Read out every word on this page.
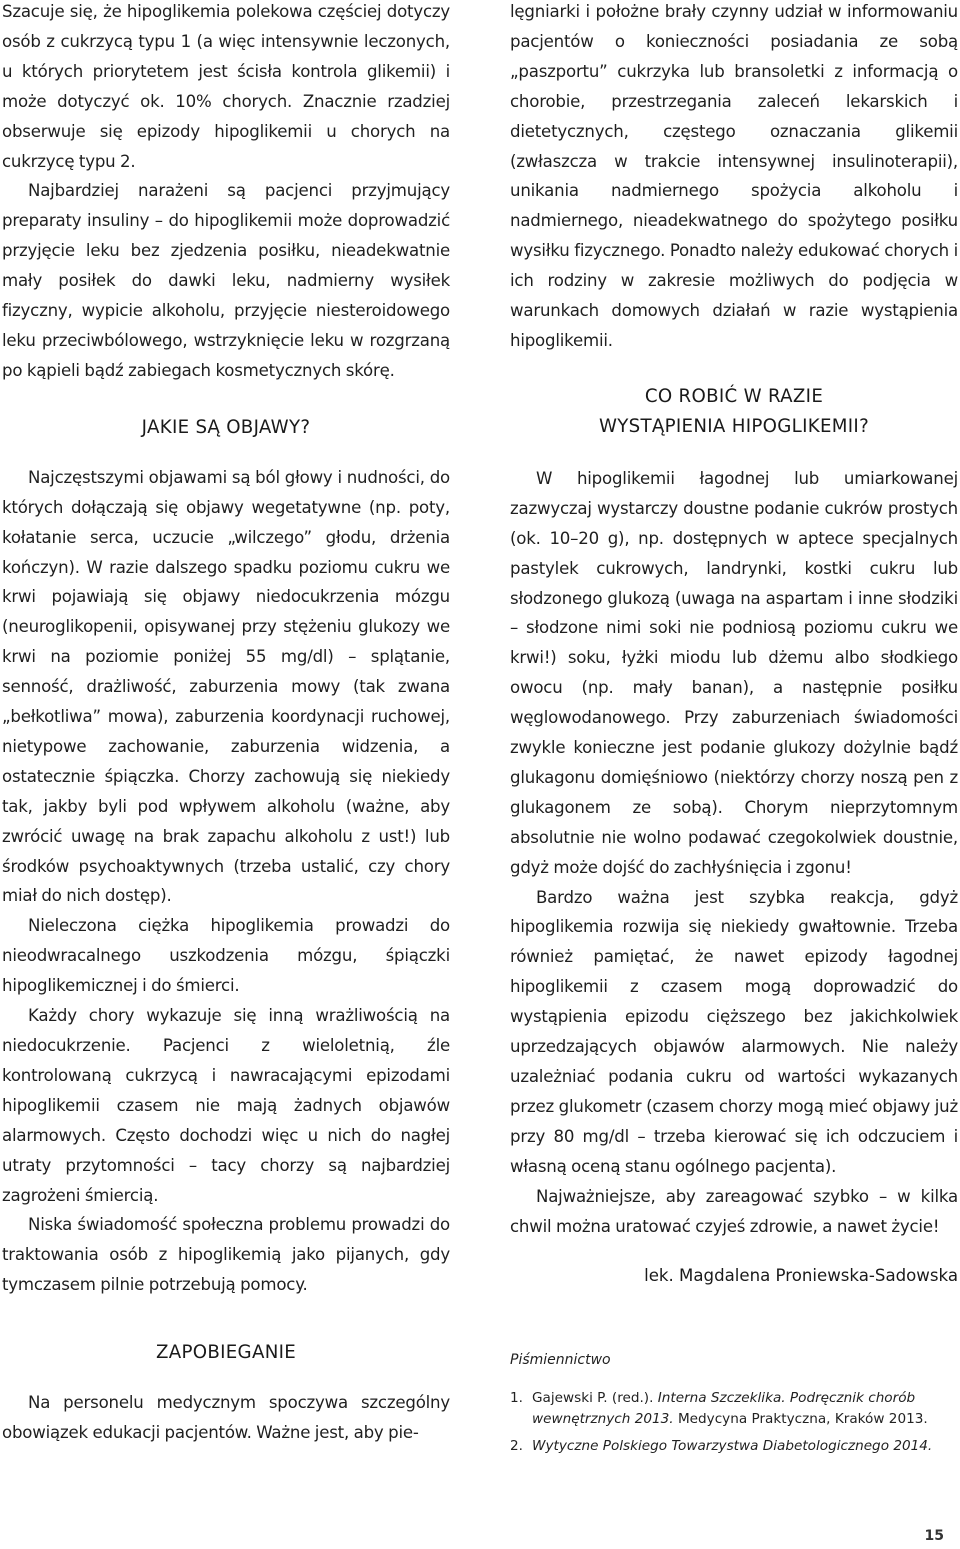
Szacuje się, że hipoglikemia polekowa częściej dotyczy osób z cukrzycą typu 1 (a więc intensywnie leczonych, u których priorytetem jest ścisła kontrola glikemii) i może dotyczyć ok. 10% chorych. Znacznie rzadziej obserwuje się epizody hipoglikemii u chorych na cukrzycę typu 2.

Najbardziej narażeni są pacjenci przyjmujący preparaty insuliny – do hipoglikemii może doprowadzić przyjęcie leku bez zjedzenia posiłku, nieadekwatnie mały posiłek do dawki leku, nadmierny wysiłek fizyczny, wypicie alkoholu, przyjęcie niesteroidowego leku przeciwbólowego, wstrzyknięcie leku w rozgrzaną po kąpieli bądź zabiegach kosmetycznych skórę.

JAKIE SĄ OBJAWY?

Najczęstszymi objawami są ból głowy i nudności, do których dołączają się objawy wegetatywne (np. poty, kołatanie serca, uczucie „wilczego” głodu, drżenia kończyn). W razie dalszego spadku poziomu cukru we krwi pojawiają się objawy niedocukrzenia mózgu (neuroglikopenii, opisywanej przy stężeniu glukozy we krwi na poziomie poniżej 55 mg/dl) – splątanie, senność, drażliwość, zaburzenia mowy (tak zwana „bełkotliwa” mowa), zaburzenia koordynacji ruchowej, nietypowe zachowanie, zaburzenia widzenia, a ostatecznie śpiączka. Chorzy zachowują się niekiedy tak, jakby byli pod wpływem alkoholu (ważne, aby zwrócić uwagę na brak zapachu alkoholu z ust!) lub środków psychoaktywnych (trzeba ustalić, czy chory miał do nich dostęp).

Nieleczona ciężka hipoglikemia prowadzi do nieodwracalnego uszkodzenia mózgu, śpiączki hipoglikemicznej i do śmierci.

Każdy chory wykazuje się inną wrażliwością na niedocukrzenie. Pacjenci z wieloletnią, źle kontrolowaną cukrzycą i nawracającymi epizodami hipoglikemii czasem nie mają żadnych objawów alarmowych. Często dochodzi więc u nich do nagłej utraty przytomności – tacy chorzy są najbardziej zagrożeni śmiercią.

Niska świadomość społeczna problemu prowadzi do traktowania osób z hipoglikemią jako pijanych, gdy tymczasem pilnie potrzebują pomocy.

ZAPOBIEGANIE

Na personelu medycznym spoczywa szczególny obowiązek edukacji pacjentów. Ważne jest, aby pie-

lęgniarki i położne brały czynny udział w informowaniu pacjentów o konieczności posiadania ze sobą „paszportu” cukrzyka lub bransoletki z informacją o chorobie, przestrzegania zaleceń lekarskich i dietetycznych, częstego oznaczania glikemii (zwłaszcza w trakcie intensywnej insulinoterapii), unikania nadmiernego spożycia alkoholu i nadmiernego, nieadekwatnego do spożytego posiłku wysiłku fizycznego. Ponadto należy edukować chorych i ich rodziny w zakresie możliwych do podjęcia w warunkach domowych działań w razie wystąpienia hipoglikemii.

CO ROBIĆ W RAZIE

WYSTĄPIENIA HIPOGLIKEMII?

W hipoglikemii łagodnej lub umiarkowanej zazwyczaj wystarczy doustne podanie cukrów prostych (ok. 10–20 g), np. dostępnych w aptece specjalnych pastylek cukrowych, landrynki, kostki cukru lub słodzonego glukozą (uwaga na aspartam i inne słodziki – słodzone nimi soki nie podniosą poziomu cukru we krwi!) soku, łyżki miodu lub dżemu albo słodkiego owocu (np. mały banan), a następnie posiłku węglowodanowego. Przy zaburzeniach świadomości zwykle konieczne jest podanie glukozy dożylnie bądź glukagonu domięśniowo (niektórzy chorzy noszą pen z glukagonem ze sobą). Chorym nieprzytomnym absolutnie nie wolno podawać czegokolwiek doustnie, gdyż może dojść do zachłyśnięcia i zgonu!

Bardzo ważna jest szybka reakcja, gdyż hipoglikemia rozwija się niekiedy gwałtownie. Trzeba również pamiętać, że nawet epizody łagodnej hipoglikemii z czasem mogą doprowadzić do wystąpienia epizodu cięższego bez jakichkolwiek uprzedzających objawów alarmowych. Nie należy uzależniać podania cukru od wartości wykazanych przez glukometr (czasem chorzy mogą mieć objawy już przy 80 mg/dl – trzeba kierować się ich odczuciem i własną oceną stanu ogólnego pacjenta).

Najważniejsze, aby zareagować szybko – w kilka chwil można uratować czyjeś zdrowie, a nawet życie!

lek. Magdalena Proniewska-Sadowska

Piśmiennictwo

1. Gajewski P. (red.). Interna Szczeklika. Podręcznik chorób wewnętrznych 2013. Medycyna Praktyczna, Kraków 2013.
2. Wytyczne Polskiego Towarzystwa Diabetologicznego 2014.

15
